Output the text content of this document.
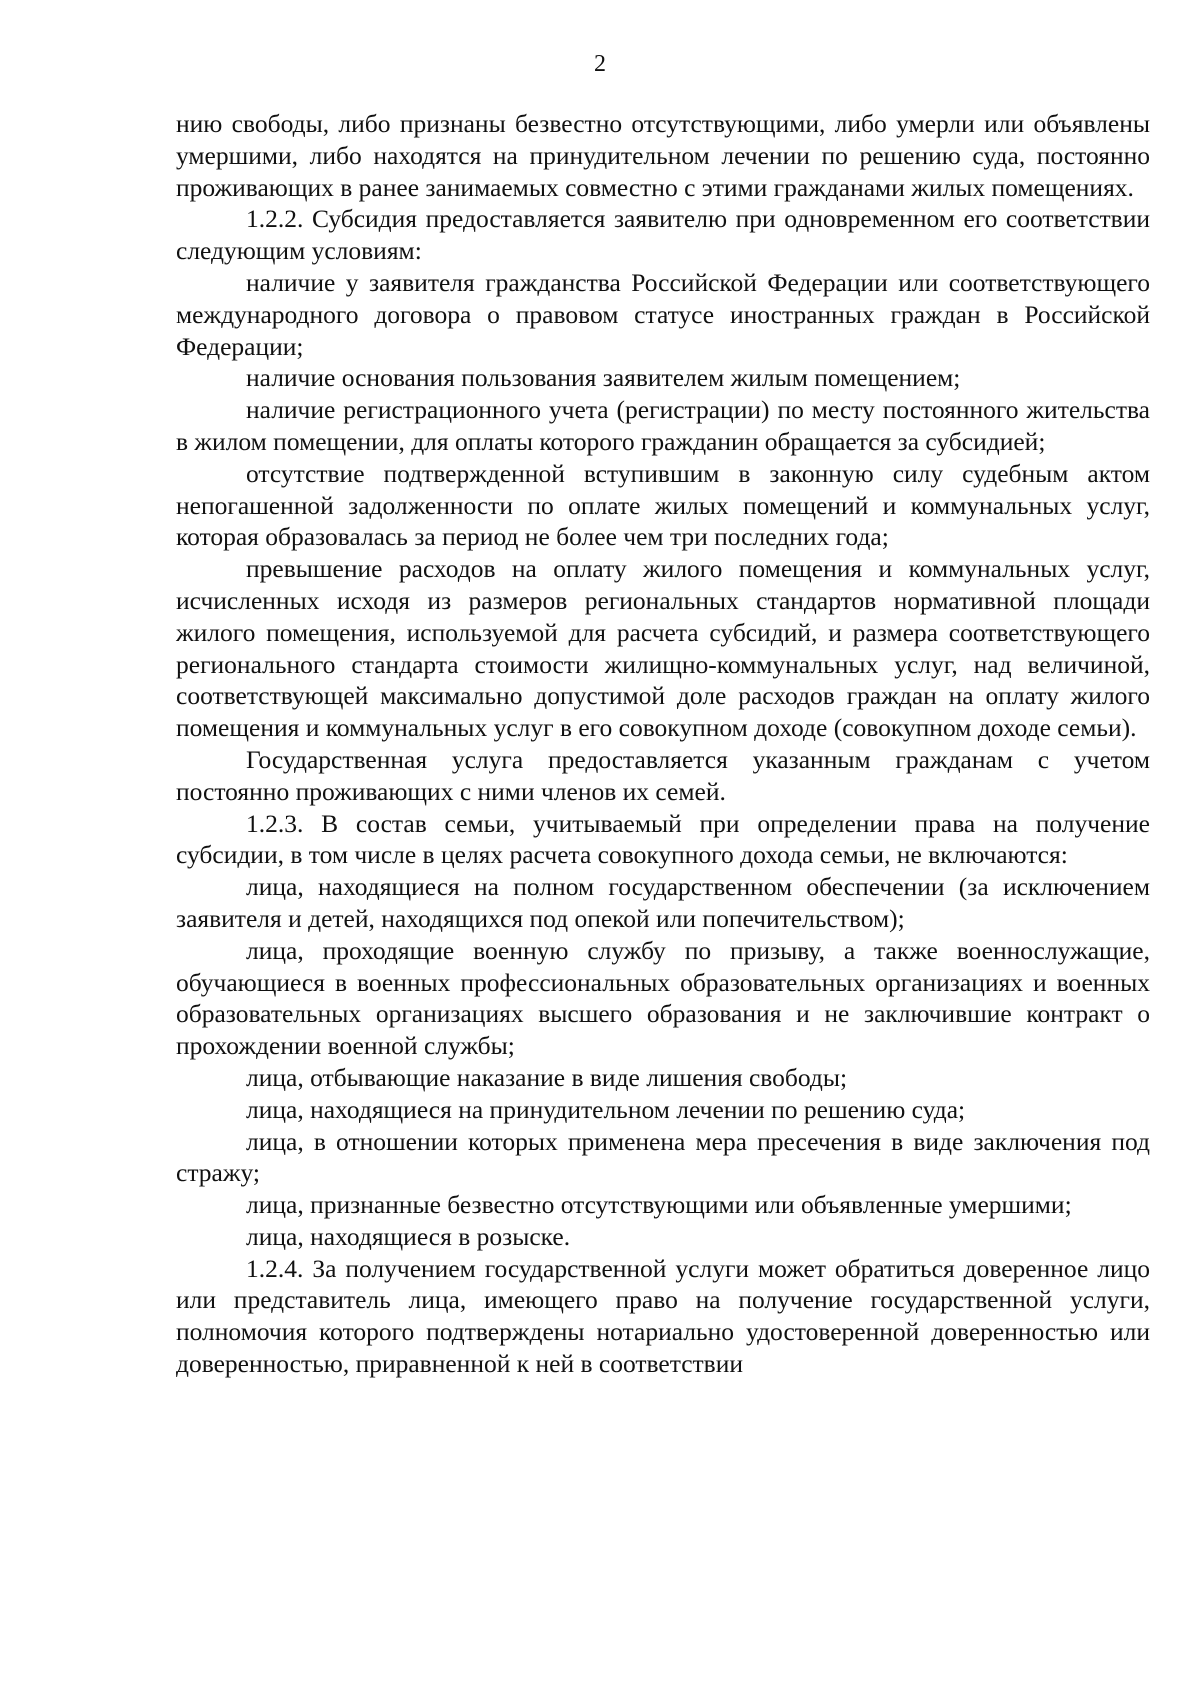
2

нию свободы, либо признаны безвестно отсутствующими, либо умерли или объявлены умершими, либо находятся на принудительном лечении по решению суда, постоянно проживающих в ранее занимаемых совместно с этими гражданами жилых помещениях.

1.2.2. Субсидия предоставляется заявителю при одновременном его соответствии следующим условиям:

наличие у заявителя гражданства Российской Федерации или соответствующего международного договора о правовом статусе иностранных граждан в Российской Федерации;

наличие основания пользования заявителем жилым помещением;

наличие регистрационного учета (регистрации) по месту постоянного жительства в жилом помещении, для оплаты которого гражданин обращается за субсидией;

отсутствие подтвержденной вступившим в законную силу судебным актом непогашенной задолженности по оплате жилых помещений и коммунальных услуг, которая образовалась за период не более чем три последних года;

превышение расходов на оплату жилого помещения и коммунальных услуг, исчисленных исходя из размеров региональных стандартов нормативной площади жилого помещения, используемой для расчета субсидий, и размера соответствующего регионального стандарта стоимости жилищно-коммунальных услуг, над величиной, соответствующей максимально допустимой доле расходов граждан на оплату жилого помещения и коммунальных услуг в его совокупном доходе (совокупном доходе семьи).

Государственная услуга предоставляется указанным гражданам с учетом постоянно проживающих с ними членов их семей.

1.2.3. В состав семьи, учитываемый при определении права на получение субсидии, в том числе в целях расчета совокупного дохода семьи, не включаются:

лица, находящиеся на полном государственном обеспечении (за исключением заявителя и детей, находящихся под опекой или попечительством);

лица, проходящие военную службу по призыву, а также военнослужащие, обучающиеся в военных профессиональных образовательных организациях и военных образовательных организациях высшего образования и не заключившие контракт о прохождении военной службы;

лица, отбывающие наказание в виде лишения свободы;

лица, находящиеся на принудительном лечении по решению суда;

лица, в отношении которых применена мера пресечения в виде заключения под стражу;

лица, признанные безвестно отсутствующими или объявленные умершими;

лица, находящиеся в розыске.

1.2.4. За получением государственной услуги может обратиться доверенное лицо или представитель лица, имеющего право на получение государственной услуги, полномочия которого подтверждены нотариально удостоверенной доверенностью или доверенностью, приравненной к ней в соответствии
